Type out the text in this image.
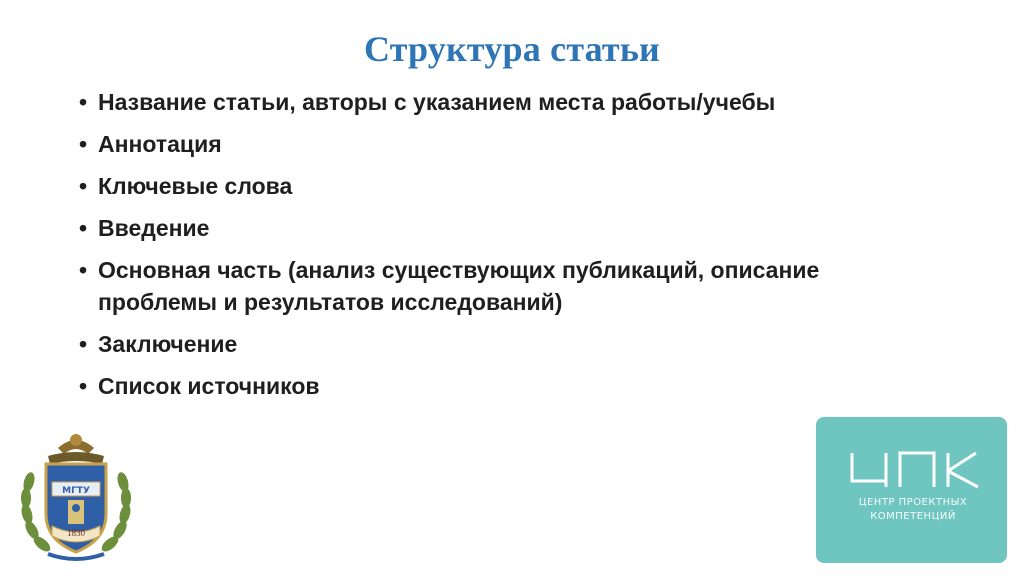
Структура статьи
• Название статьи, авторы с указанием места работы/учебы
• Аннотация
• Ключевые слова
• Введение
• Основная часть (анализ существующих публикаций, описание проблемы и результатов исследований)
• Заключение
• Список источников
МГТУ
1830
ЦЕНТР ПРОЕКТНЫХ
КОМПЕТЕНЦИЙ
